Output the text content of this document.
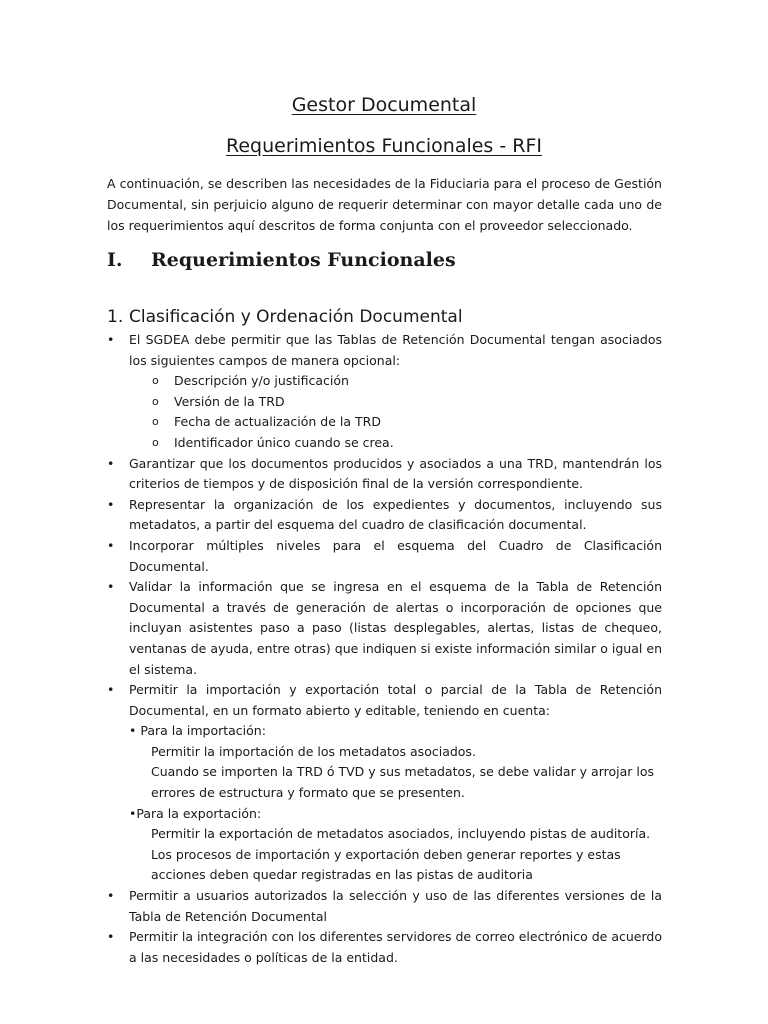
Gestor Documental
Requerimientos Funcionales - RFI

A continuación, se describen las necesidades de la Fiduciaria para el proceso de Gestión Documental, sin perjuicio alguno de requerir determinar con mayor detalle cada uno de los requerimientos aquí descritos de forma conjunta con el proveedor seleccionado.

I. Requerimientos Funcionales
1. Clasificación y Ordenación Documental
• El SGDEA debe permitir que las Tablas de Retención Documental tengan asociados los siguientes campos de manera opcional:
o Descripción y/o justificación
o Versión de la TRD
o Fecha de actualización de la TRD
o Identificador único cuando se crea.
• Garantizar que los documentos producidos y asociados a una TRD, mantendrán los criterios de tiempos y de disposición final de la versión correspondiente.
• Representar la organización de los expedientes y documentos, incluyendo sus metadatos, a partir del esquema del cuadro de clasificación documental.
• Incorporar múltiples niveles para el esquema del Cuadro de Clasificación Documental.
• Validar la información que se ingresa en el esquema de la Tabla de Retención Documental a través de generación de alertas o incorporación de opciones que incluyan asistentes paso a paso (listas desplegables, alertas, listas de chequeo, ventanas de ayuda, entre otras) que indiquen si existe información similar o igual en el sistema.
• Permitir la importación y exportación total o parcial de la Tabla de Retención Documental, en un formato abierto y editable, teniendo en cuenta:
• Para la importación:
Permitir la importación de los metadatos asociados.
Cuando se importen la TRD ó TVD y sus metadatos, se debe validar y arrojar los errores de estructura y formato que se presenten.
•Para la exportación:
Permitir la exportación de metadatos asociados, incluyendo pistas de auditoría.
Los procesos de importación y exportación deben generar reportes y estas acciones deben quedar registradas en las pistas de auditoria
• Permitir a usuarios autorizados la selección y uso de las diferentes versiones de la Tabla de Retención Documental
• Permitir la integración con los diferentes servidores de correo electrónico de acuerdo a las necesidades o políticas de la entidad.
